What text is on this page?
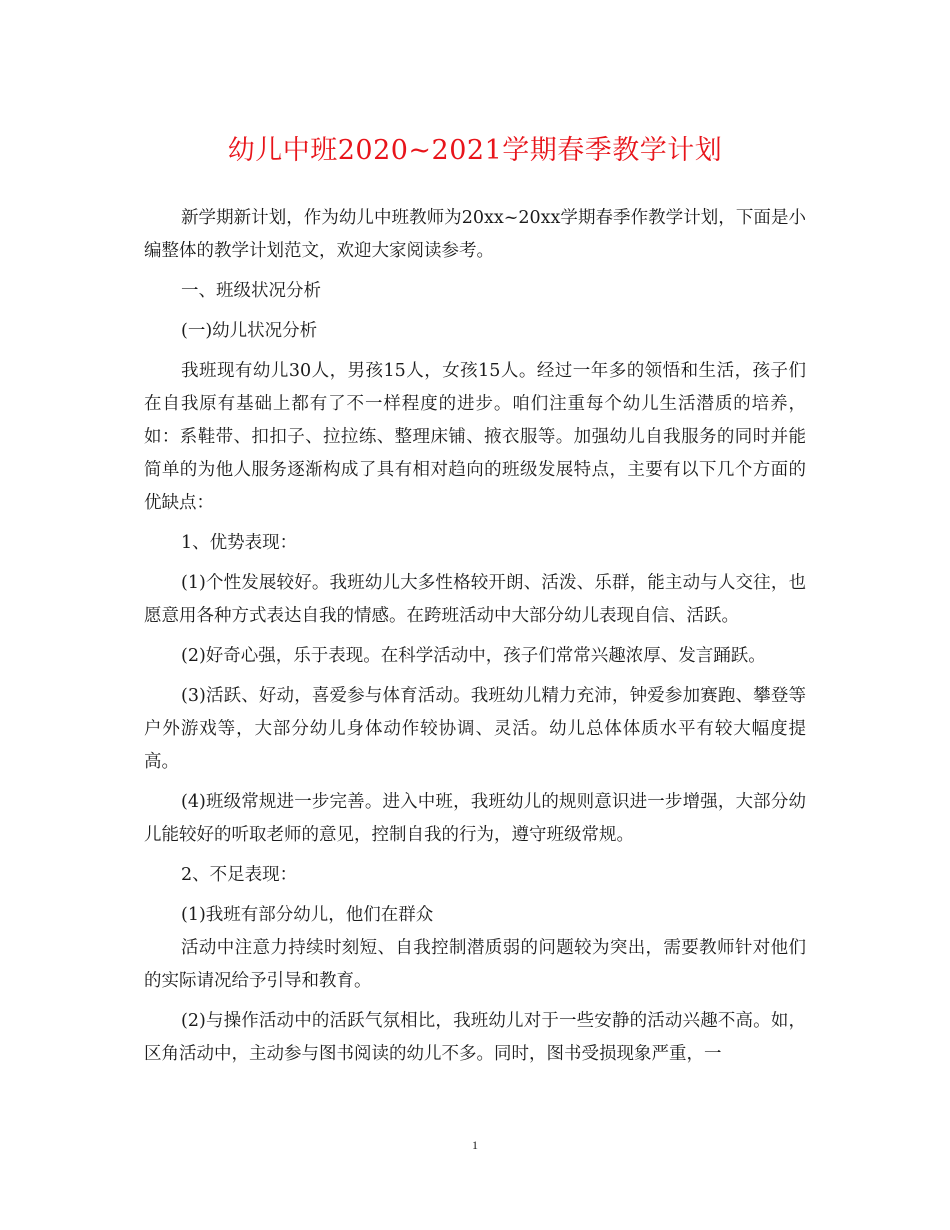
幼儿中班2020~2021学期春季教学计划

新学期新计划，作为幼儿中班教师为20xx~20xx学期春季作教学计划，下面是小编整体的教学计划范文，欢迎大家阅读参考。

一、班级状况分析

(一)幼儿状况分析

我班现有幼儿30人，男孩15人，女孩15人。经过一年多的领悟和生活，孩子们在自我原有基础上都有了不一样程度的进步。咱们注重每个幼儿生活潜质的培养，如：系鞋带、扣扣子、拉拉练、整理床铺、掖衣服等。加强幼儿自我服务的同时并能简单的为他人服务逐渐构成了具有相对趋向的班级发展特点，主要有以下几个方面的优缺点：

1、优势表现：

(1)个性发展较好。我班幼儿大多性格较开朗、活泼、乐群，能主动与人交往，也愿意用各种方式表达自我的情感。在跨班活动中大部分幼儿表现自信、活跃。

(2)好奇心强，乐于表现。在科学活动中，孩子们常常兴趣浓厚、发言踊跃。

(3)活跃、好动，喜爱参与体育活动。我班幼儿精力充沛，钟爱参加赛跑、攀登等户外游戏等，大部分幼儿身体动作较协调、灵活。幼儿总体体质水平有较大幅度提高。

(4)班级常规进一步完善。进入中班，我班幼儿的规则意识进一步增强，大部分幼儿能较好的听取老师的意见，控制自我的行为，遵守班级常规。

2、不足表现：

(1)我班有部分幼儿，他们在群众

活动中注意力持续时刻短、自我控制潜质弱的问题较为突出，需要教师针对他们的实际请况给予引导和教育。

(2)与操作活动中的活跃气氛相比，我班幼儿对于一些安静的活动兴趣不高。如，区角活动中，主动参与图书阅读的幼儿不多。同时，图书受损现象严重，一

1
